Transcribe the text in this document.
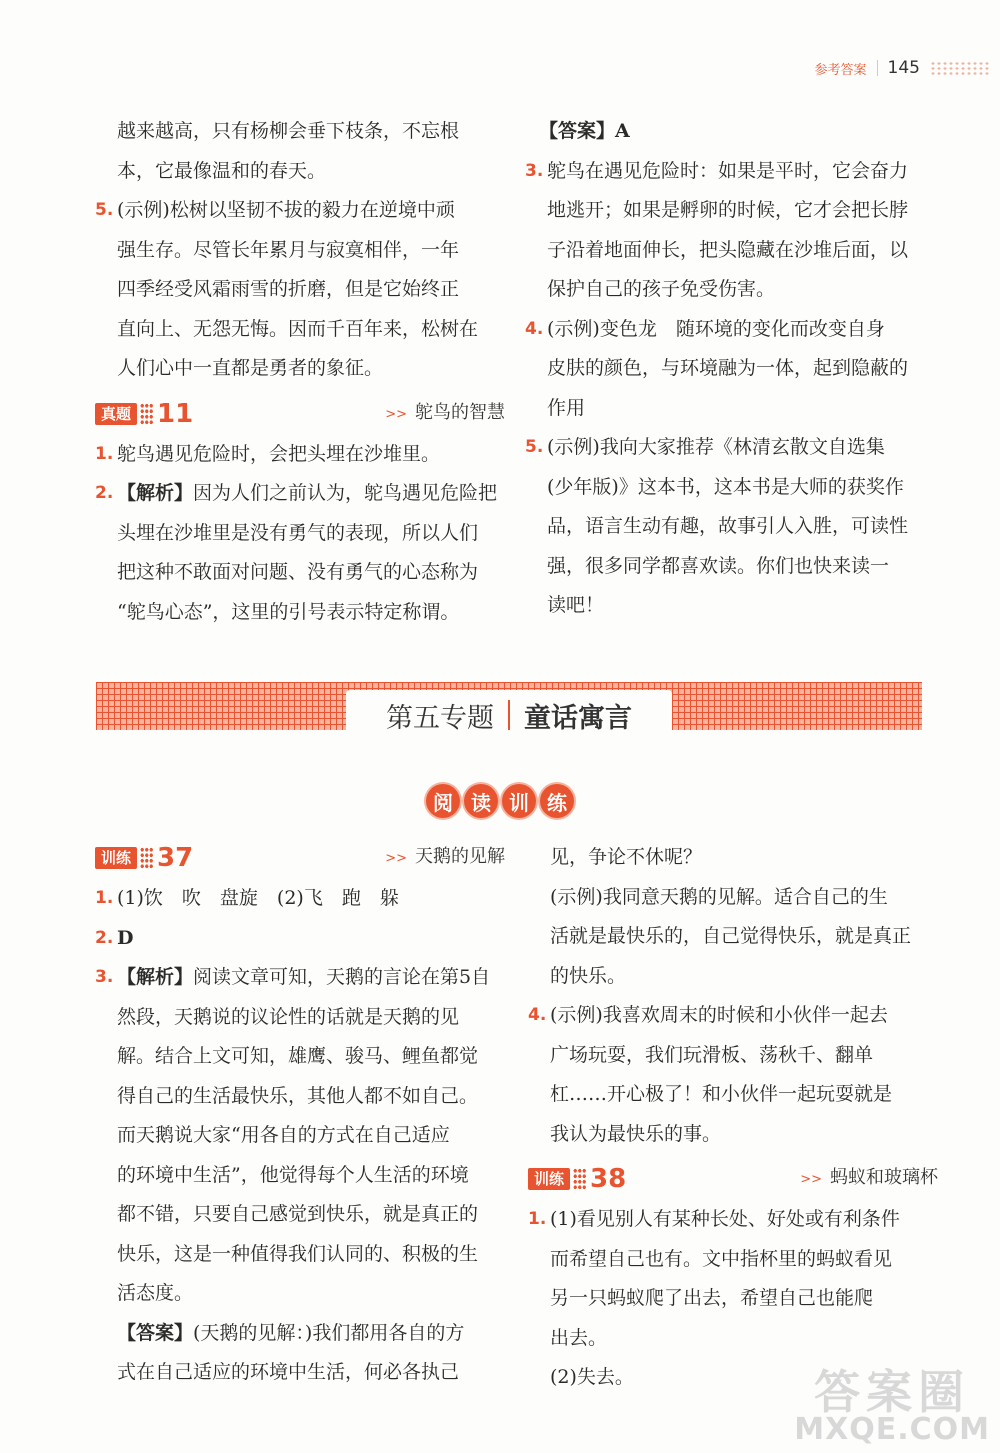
参考答案 145

越来越高，只有杨柳会垂下枝条，不忘根

本，它最像温和的春天。

5. (示例)松树以坚韧不拔的毅力在逆境中顽

强生存。尽管长年累月与寂寞相伴，一年

四季经受风霜雨雪的折磨，但是它始终正

直向上、无怨无悔。因而千百年来，松树在

人们心中一直都是勇者的象征。

真题 11	>> 鸵鸟的智慧
1. 鸵鸟遇见危险时，会把头埋在沙堆里。

2. 【解析】因为人们之前认为，鸵鸟遇见危险把

头埋在沙堆里是没有勇气的表现，所以人们

把这种不敢面对问题、没有勇气的心态称为

“鸵鸟心态”，这里的引号表示特定称谓。

【答案】A

3. 鸵鸟在遇见危险时：如果是平时，它会奋力

地逃开；如果是孵卵的时候，它才会把长脖

子沿着地面伸长，把头隐藏在沙堆后面，以

保护自己的孩子免受伤害。

4. (示例)变色龙　随环境的变化而改变自身

皮肤的颜色，与环境融为一体，起到隐蔽的

作用

5. (示例)我向大家推荐《林清玄散文自选集

(少年版)》这本书，这本书是大师的获奖作

品，语言生动有趣，故事引人入胜，可读性

强，很多同学都喜欢读。你们也快来读一

读吧！

第五专题 童话寓言
阅 读 训 练
训练 37	>> 天鹅的见解
1. (1)饮　吹　盘旋　(2)飞　跑　躲

2. D

3. 【解析】阅读文章可知，天鹅的言论在第5自

然段，天鹅说的议论性的话就是天鹅的见

解。结合上文可知，雄鹰、骏马、鲤鱼都觉

得自己的生活最快乐，其他人都不如自己。

而天鹅说大家“用各自的方式在自己适应

的环境中生活”，他觉得每个人生活的环境

都不错，只要自己感觉到快乐，就是真正的

快乐，这是一种值得我们认同的、积极的生

活态度。

【答案】(天鹅的见解：)我们都用各自的方

式在自己适应的环境中生活，何必各执己

见，争论不休呢？

(示例)我同意天鹅的见解。适合自己的生

活就是最快乐的，自己觉得快乐，就是真正

的快乐。

4. (示例)我喜欢周末的时候和小伙伴一起去

广场玩耍，我们玩滑板、荡秋千、翻单

杠……开心极了！和小伙伴一起玩耍就是

我认为最快乐的事。

训练 38	>> 蚂蚁和玻璃杯
1. (1)看见别人有某种长处、好处或有利条件

而希望自己也有。文中指杯里的蚂蚁看见

另一只蚂蚁爬了出去，希望自己也能爬

出去。

(2)失去。	答案圈
MXQE.COM
